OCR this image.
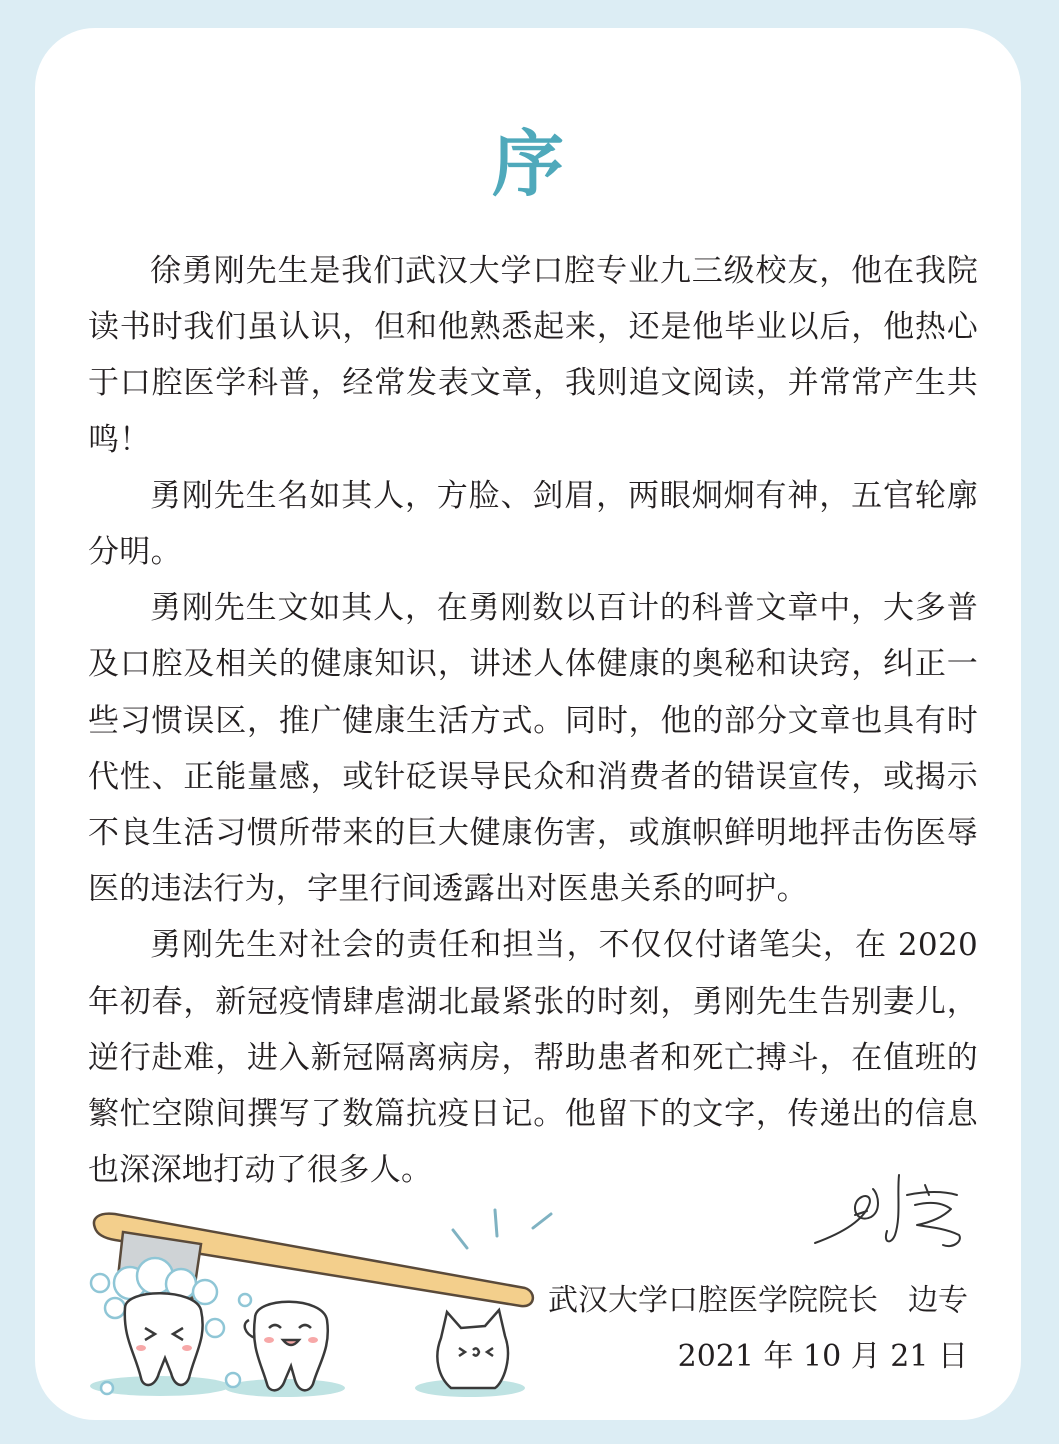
序

徐勇刚先生是我们武汉大学口腔专业九三级校友，他在我院读书时我们虽认识，但和他熟悉起来，还是他毕业以后，他热心于口腔医学科普，经常发表文章，我则追文阅读，并常常产生共鸣！

勇刚先生名如其人，方脸、剑眉，两眼炯炯有神，五官轮廓分明。

勇刚先生文如其人，在勇刚数以百计的科普文章中，大多普及口腔及相关的健康知识，讲述人体健康的奥秘和诀窍，纠正一些习惯误区，推广健康生活方式。同时，他的部分文章也具有时代性、正能量感，或针砭误导民众和消费者的错误宣传，或揭示不良生活习惯所带来的巨大健康伤害，或旗帜鲜明地抨击伤医辱医的违法行为，字里行间透露出对医患关系的呵护。

勇刚先生对社会的责任和担当，不仅仅付诸笔尖，在 2020 年初春，新冠疫情肆虐湖北最紧张的时刻，勇刚先生告别妻儿，逆行赴难，进入新冠隔离病房，帮助患者和死亡搏斗，在值班的繁忙空隙间撰写了数篇抗疫日记。他留下的文字，传递出的信息也深深地打动了很多人。

武汉大学口腔医学院院长　边专
2021 年 10 月 21 日
